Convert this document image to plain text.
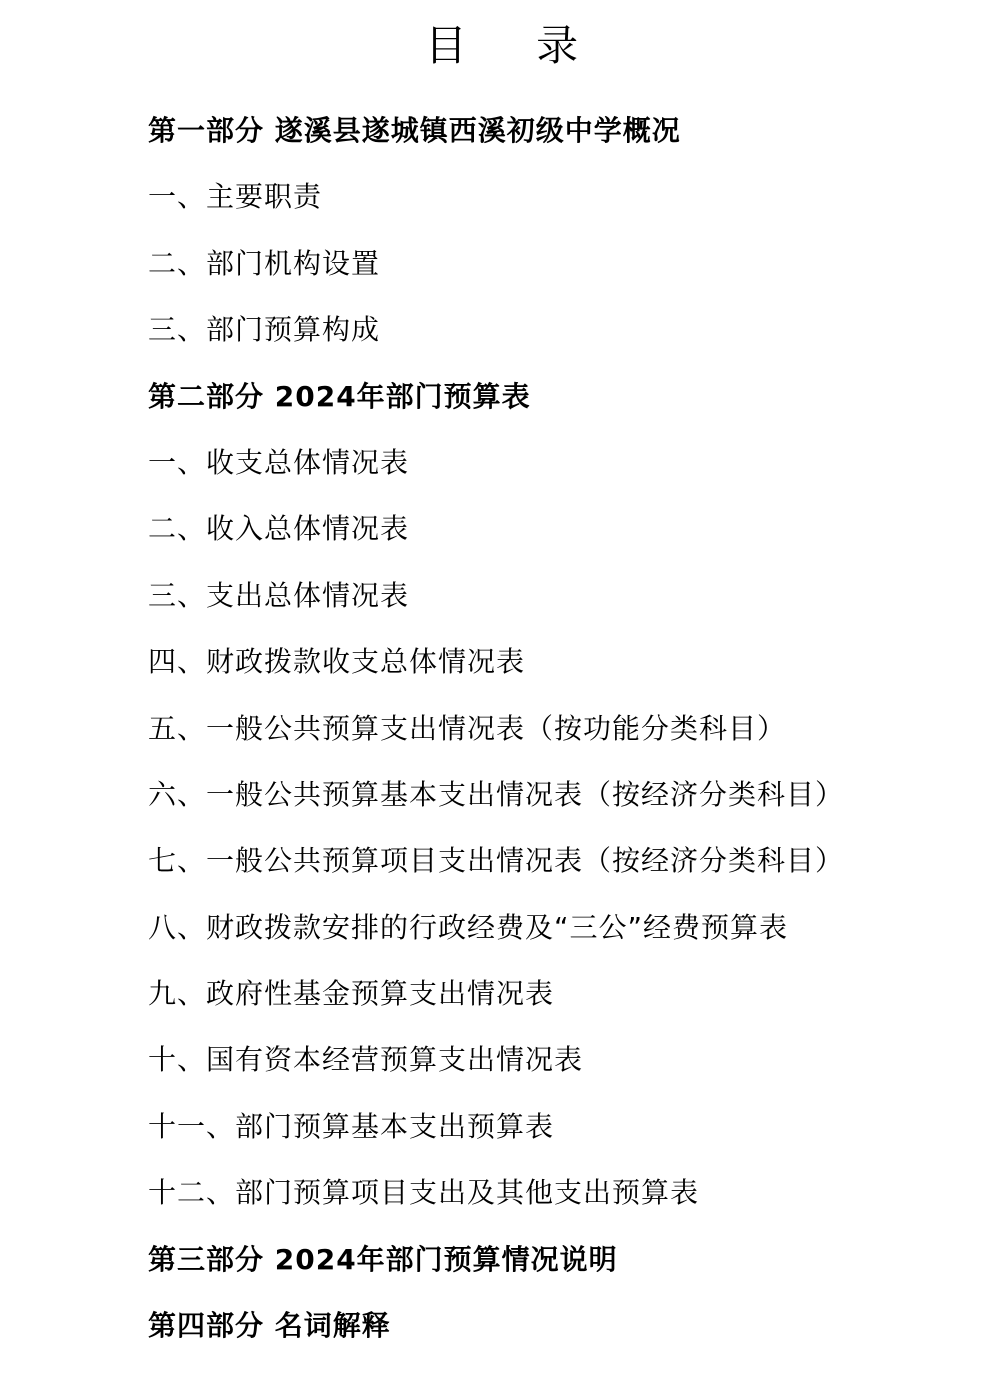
目 录
第一部分 遂溪县遂城镇西溪初级中学概况
一、主要职责
二、部门机构设置
三、部门预算构成
第二部分 2024年部门预算表
一、收支总体情况表
二、收入总体情况表
三、支出总体情况表
四、财政拨款收支总体情况表
五、一般公共预算支出情况表（按功能分类科目）
六、一般公共预算基本支出情况表（按经济分类科目）
七、一般公共预算项目支出情况表（按经济分类科目）
八、财政拨款安排的行政经费及“三公”经费预算表
九、政府性基金预算支出情况表
十、国有资本经营预算支出情况表
十一、部门预算基本支出预算表
十二、部门预算项目支出及其他支出预算表
第三部分 2024年部门预算情况说明
第四部分 名词解释
